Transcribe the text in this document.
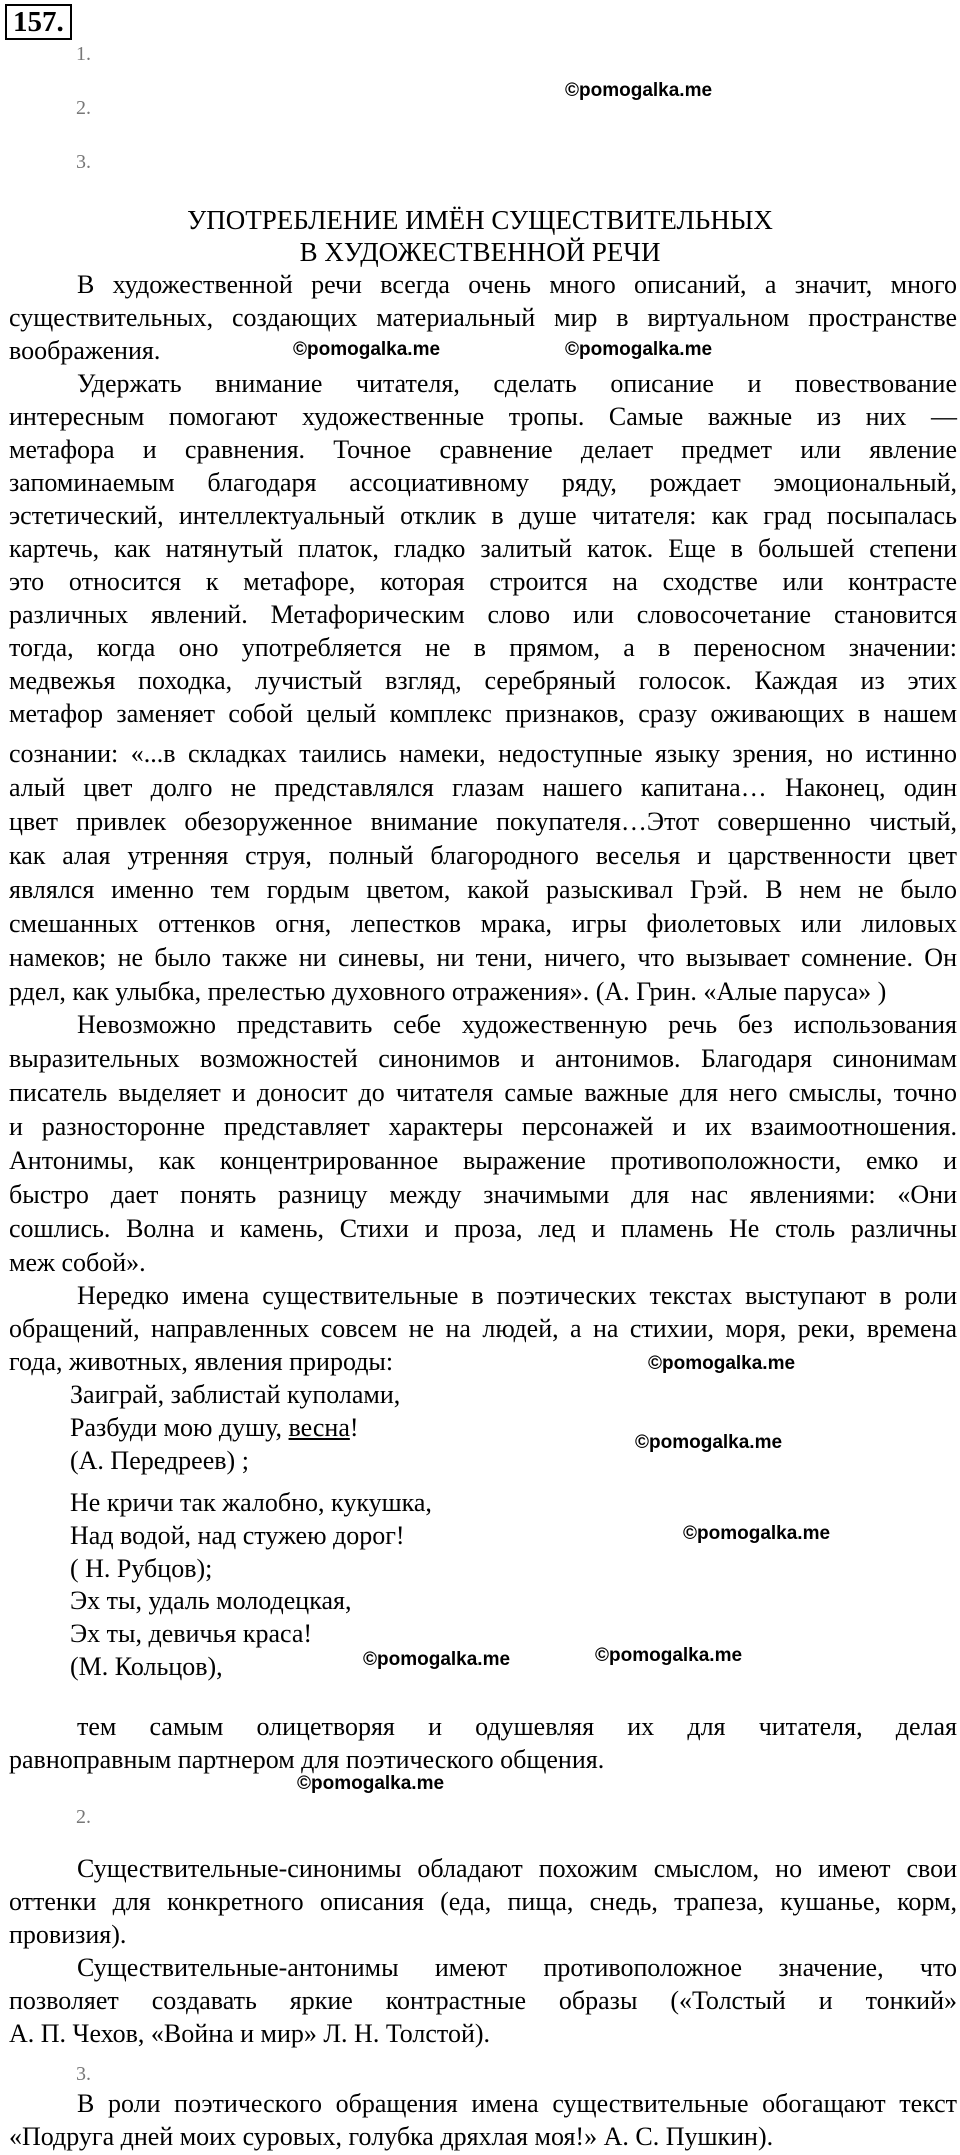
157.
1.
2.
3.
©pomogalka.me
УПОТРЕБЛЕНИЕ ИМЁН СУЩЕСТВИТЕЛЬНЫХ
В ХУДОЖЕСТВЕННОЙ РЕЧИ
В художественной речи всегда очень много описаний, а значит, много
существительных, создающих материальный мир в виртуальном пространстве
воображения.	©pomogalka.me	©pomogalka.me
Удержать внимание читателя, сделать описание и повествование
интересным помогают художественные тропы. Самые важные из них —
метафора и сравнения. Точное сравнение делает предмет или явление
запоминаемым благодаря ассоциативному ряду, рождает эмоциональный,
эстетический, интеллектуальный отклик в душе читателя: как град посыпалась
картечь, как натянутый платок, гладко залитый каток. Еще в большей степени
это относится к метафоре, которая строится на сходстве или контрасте
различных явлений. Метафорическим слово или словосочетание становится
тогда, когда оно употребляется не в прямом, а в переносном значении:
медвежья походка, лучистый взгляд, серебряный голосок. Каждая из этих
метафор заменяет собой целый комплекс признаков, сразу оживающих в нашем
сознании: «...в складках таились намеки, недоступные языку зрения, но истинно
алый цвет долго не представлялся глазам нашего капитана… Наконец, один
цвет привлек обезоруженное внимание покупателя…Этот совершенно чистый,
как алая утренняя струя, полный благородного веселья и царственности цвет
являлся именно тем гордым цветом, какой разыскивал Грэй. В нем не было
смешанных оттенков огня, лепестков мрака, игры фиолетовых или лиловых
намеков; не было также ни синевы, ни тени, ничего, что вызывает сомнение. Он
рдел, как улыбка, прелестью духовного отражения». (А. Грин. «Алые паруса» )
Невозможно представить себе художественную речь без использования
выразительных возможностей синонимов и антонимов. Благодаря синонимам
писатель выделяет и доносит до читателя самые важные для него смыслы, точно
и разносторонне представляет характеры персонажей и их взаимоотношения.
Антонимы, как концентрированное выражение противоположности, емко и
быстро дает понять разницу между значимыми для нас явлениями: «Они
сошлись. Волна и камень, Стихи и проза, лед и пламень Не столь различны
меж собой».
Нередко имена существительные в поэтических текстах выступают в роли
обращений, направленных совсем не на людей, а на стихии, моря, реки, времена
года, животных, явления природы:	©pomogalka.me
Заиграй, заблистай куполами,
Разбуди мою душу, весна!
(А. Передреев) ;
©pomogalka.me
Не кричи так жалобно, кукушка,
Над водой, над стужею дорог!
( Н. Рубцов);
©pomogalka.me
Эх ты, удаль молодецкая,
Эх ты, девичья краса!
(М. Кольцов),	©pomogalka.me	©pomogalka.me
тем самым олицетворяя и одушевляя их для читателя, делая
равноправным партнером для поэтического общения.
©pomogalka.me
2.
Существительные-синонимы обладают похожим смыслом, но имеют свои
оттенки для конкретного описания (еда, пища, снедь, трапеза, кушанье, корм,
провизия).
Существительные-антонимы имеют противоположное значение, что
позволяет создавать яркие контрастные образы («Толстый и тонкий»
А. П. Чехов, «Война и мир» Л. Н. Толстой).
3.
В роли поэтического обращения имена существительные обогащают текст
«Подруга дней моих суровых, голубка дряхлая моя!» А. С. Пушкин).
